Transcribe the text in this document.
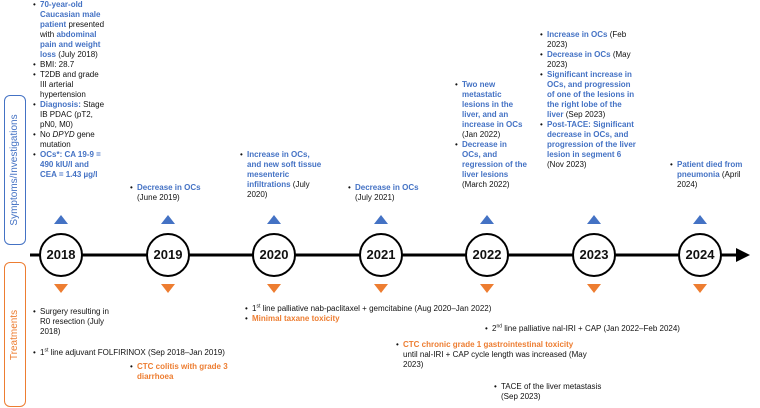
Symptoms/Investigations
Treatments
2018	2019	2020	2021	2022	2023	2024
• 70-year-old Caucasian male patient presented with abdominal pain and weight loss (July 2018)
• BMI: 28.7
• T2DB and grade III arterial hypertension
• Diagnosis: Stage IB PDAC (pT2, pN0, M0)
• No DPYD gene mutation
• OCs*: CA 19-9 = 490 kIU/l and CEA = 1.43 µg/l
• Decrease in OCs
(June 2019)
• Increase in OCs, and new soft tissue mesenteric infiltrations (July 2020)
• Decrease in OCs
(July 2021)
• Two new metastatic lesions in the liver, and an increase in OCs (Jan 2022)
• Decrease in OCs, and regression of the liver lesions (March 2022)
• Increase in OCs (Feb 2023)
• Decrease in OCs (May 2023)
• Significant increase in OCs, and progression of one of the lesions in the right lobe of the liver (Sep 2023)
• Post-TACE: Significant decrease in OCs, and progression of the liver lesion in segment 6 (Nov 2023)
•	Patient died from pneumonia (April 2024)
• Surgery resulting in R0 resection (July 2018)
• 1st line adjuvant FOLFIRINOX (Sep 2018–Jan 2019)
• CTC colitis with grade 3 diarrhoea
• 1st line palliative nab-paclitaxel + gemcitabine (Aug 2020–Jan 2022)
• Minimal taxane toxicity
• 2nd line palliative nal-IRI + CAP (Jan 2022–Feb 2024)
• CTC chronic grade 1 gastrointestinal toxicity
until nal-IRI + CAP cycle length was increased (May 2023)
• TACE of the liver metastasis (Sep 2023)
